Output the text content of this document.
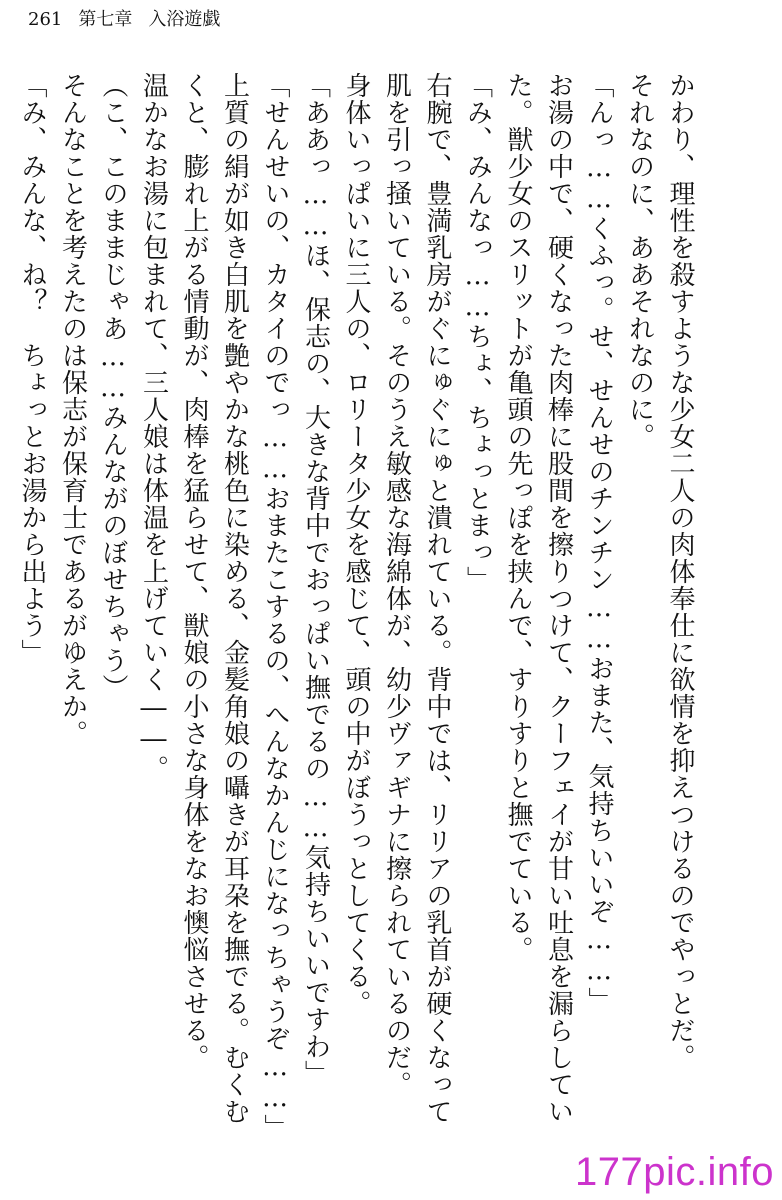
261 第七章 入浴遊戯

かわり、理性を殺すような少女二人の肉体奉仕に欲情を抑えつけるのでやっとだ。

それなのに、ああそれなのに。

「んっ……くふっ。せ、せんせのチンチン……おまた、気持ちいいぞ……」

お湯の中で、硬くなった肉棒に股間を擦りつけて、クーフェイが甘い吐息を漏らしてい

た。獣少女のスリットが亀頭の先っぽを挟んで、すりすりと撫でている。

「み、みんなっ……ちょ、ちょっとまっ」

右腕で、豊満乳房がぐにゅぐにゅと潰れている。背中では、リリアの乳首が硬くなって

肌を引っ掻いている。そのうえ敏感な海綿体が、幼少ヴァギナに擦られているのだ。

身体いっぱいに三人の、ロリータ少女を感じて、頭の中がぼうっとしてくる。

「ああっ……ほ、保志の、大きな背中でおっぱい撫でるの……気持ちいいですわ」

「せんせいの、カタイのでっ……おまたこするの、へんなかんじになっちゃうぞ……」

上質の絹が如き白肌を艶やかな桃色に染める、金髪角娘の囁きが耳朶を撫でる。むくむ

くと、膨れ上がる情動が、肉棒を猛らせて、獣娘の小さな身体をなお懊悩させる。

温かなお湯に包まれて、三人娘は体温を上げていく――。

（こ、このままじゃあ……みんながのぼせちゃう）

そんなことを考えたのは保志が保育士であるがゆえか。

「み、みんな、ね？　ちょっとお湯から出よう」

177pic.info
